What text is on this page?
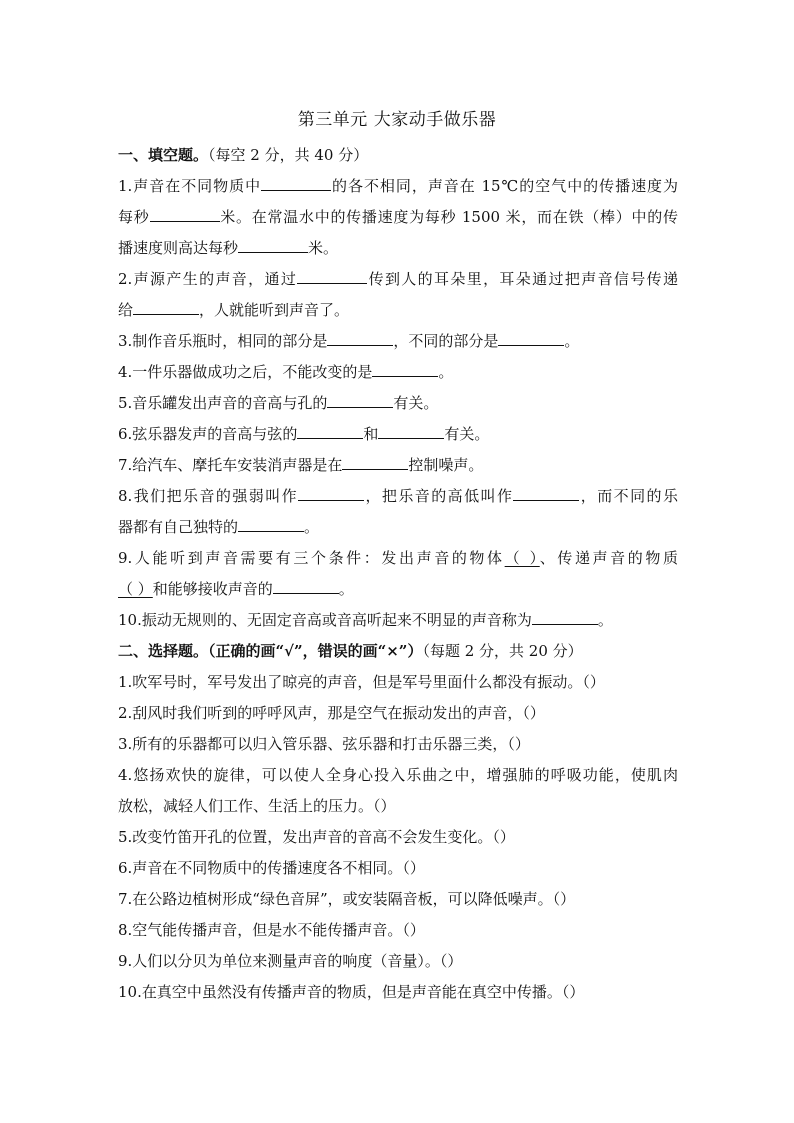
第三单元 大家动手做乐器
一、填空题。（每空 2 分，共 40 分）
1.声音在不同物质中	的各不相同，声音在 15℃的空气中的传播速度为
每秒	米。在常温水中的传播速度为每秒 1500 米，而在铁（棒）中的传
播速度则高达每秒	米。
2.声源产生的声音，通过	传到人的耳朵里，耳朵通过把声音信号传递
给	，人就能听到声音了。
3.制作音乐瓶时，相同的部分是	，不同的部分是	。
4.一件乐器做成功之后，不能改变的是	。
5.音乐罐发出声音的音高与孔的	有关。
6.弦乐器发声的音高与弦的	和	有关。
7.给汽车、摩托车安装消声器是在	控制噪声。
8.我们把乐音的强弱叫作	，把乐音的高低叫作	，而不同的乐
器都有自己独特的	。
9.人能听到声音需要有三个条件：发出声音的物体（ ）、传递声音的物质
（ ）和能够接收声音的	。
10.振动无规则的、无固定音高或音高听起来不明显的声音称为	。
二、选择题。（正确的画“√”，错误的画“×”）（每题 2 分，共 20 分）
1.吹军号时，军号发出了晾亮的声音，但是军号里面什么都没有振动。（）
2.刮风时我们听到的呼呼风声，那是空气在振动发出的声音，（）
3.所有的乐器都可以归入管乐器、弦乐器和打击乐器三类，（）
4.悠扬欢快的旋律，可以使人全身心投入乐曲之中，增强肺的呼吸功能，使肌肉
放松，减轻人们工作、生活上的压力。（）
5.改变竹笛开孔的位置，发出声音的音高不会发生变化。（）
6.声音在不同物质中的传播速度各不相同。（）
7.在公路边植树形成“绿色音屏”，或安装隔音板，可以降低噪声。（）
8.空气能传播声音，但是水不能传播声音。（）
9.人们以分贝为单位来测量声音的响度（音量）。（）
10.在真空中虽然没有传播声音的物质，但是声音能在真空中传播。（）
